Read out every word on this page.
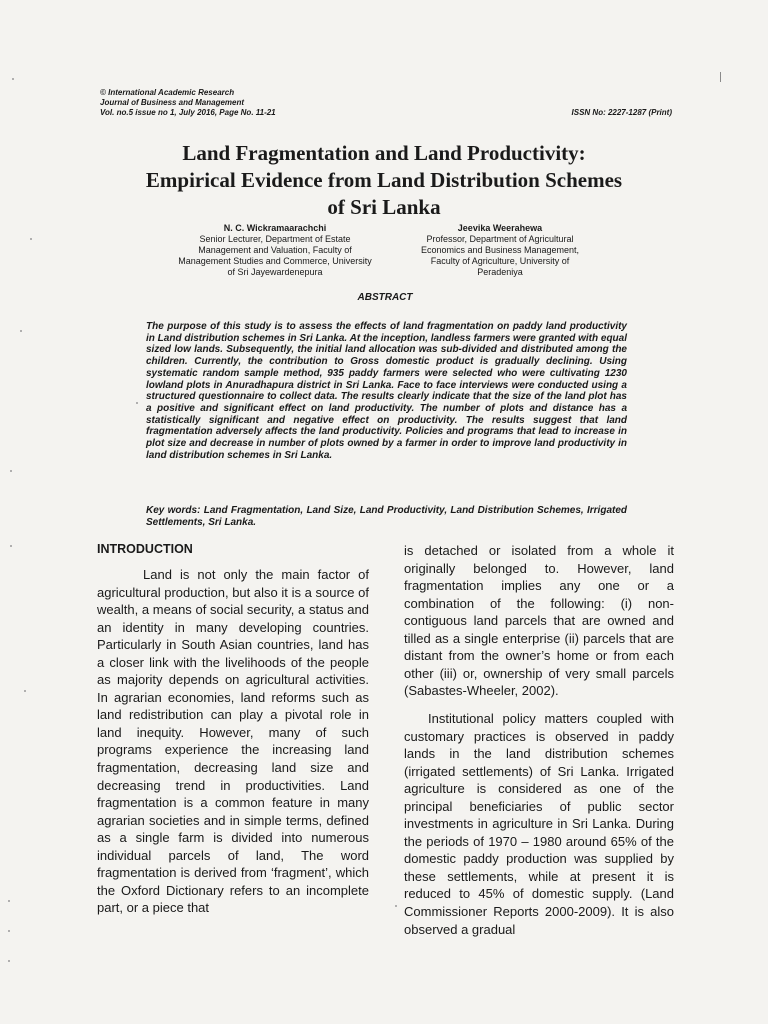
© International Academic Research
Journal of Business and Management
Vol. no.5 issue no 1, July 2016, Page No. 11-21	ISSN No: 2227-1287 (Print)
Land Fragmentation and Land Productivity:
Empirical Evidence from Land Distribution Schemes
of Sri Lanka
N. C. Wickramaarachchi
Senior Lecturer, Department of Estate
Management and Valuation, Faculty of
Management Studies and Commerce, University
of Sri Jayewardenepura
Jeevika Weerahewa
Professor, Department of Agricultural
Economics and Business Management,
Faculty of Agriculture, University of
Peradeniya
ABSTRACT
The purpose of this study is to assess the effects of land fragmentation on paddy land productivity in Land distribution schemes in Sri Lanka. At the inception, landless farmers were granted with equal sized low lands. Subsequently, the initial land allocation was sub-divided and distributed among the children. Currently, the contribution to Gross domestic product is gradually declining. Using systematic random sample method, 935 paddy farmers were selected who were cultivating 1230 lowland plots in Anuradhapura district in Sri Lanka. Face to face interviews were conducted using a structured questionnaire to collect data. The results clearly indicate that the size of the land plot has a positive and significant effect on land productivity. The number of plots and distance has a statistically significant and negative effect on productivity. The results suggest that land fragmentation adversely affects the land productivity. Policies and programs that lead to increase in plot size and decrease in number of plots owned by a farmer in order to improve land productivity in land distribution schemes in Sri Lanka.
Key words: Land Fragmentation, Land Size, Land Productivity, Land Distribution Schemes, Irrigated Settlements, Sri Lanka.
INTRODUCTION

Land is not only the main factor of agricultural production, but also it is a source of wealth, a means of social security, a status and an identity in many developing countries. Particularly in South Asian countries, land has a closer link with the livelihoods of the people as majority depends on agricultural activities. In agrarian economies, land reforms such as land redistribution can play a pivotal role in land inequity. However, many of such programs experience the increasing land fragmentation, decreasing land size and decreasing trend in productivities. Land fragmentation is a common feature in many agrarian societies and in simple terms, defined as a single farm is divided into numerous individual parcels of land, The word fragmentation is derived from ‘fragment’, which the Oxford Dictionary refers to an incomplete part, or a piece that

is detached or isolated from a whole it originally belonged to. However, land fragmentation implies any one or a combination of the following: (i) non-contiguous land parcels that are owned and tilled as a single enterprise (ii) parcels that are distant from the owner’s home or from each other (iii) or, ownership of very small parcels (Sabastes-Wheeler, 2002).

Institutional policy matters coupled with customary practices is observed in paddy lands in the land distribution schemes (irrigated settlements) of Sri Lanka. Irrigated agriculture is considered as one of the principal beneficiaries of public sector investments in agriculture in Sri Lanka. During the periods of 1970 – 1980 around 65% of the domestic paddy production was supplied by these settlements, while at present it is reduced to 45% of domestic supply. (Land Commissioner Reports 2000-2009). It is also observed a gradual
